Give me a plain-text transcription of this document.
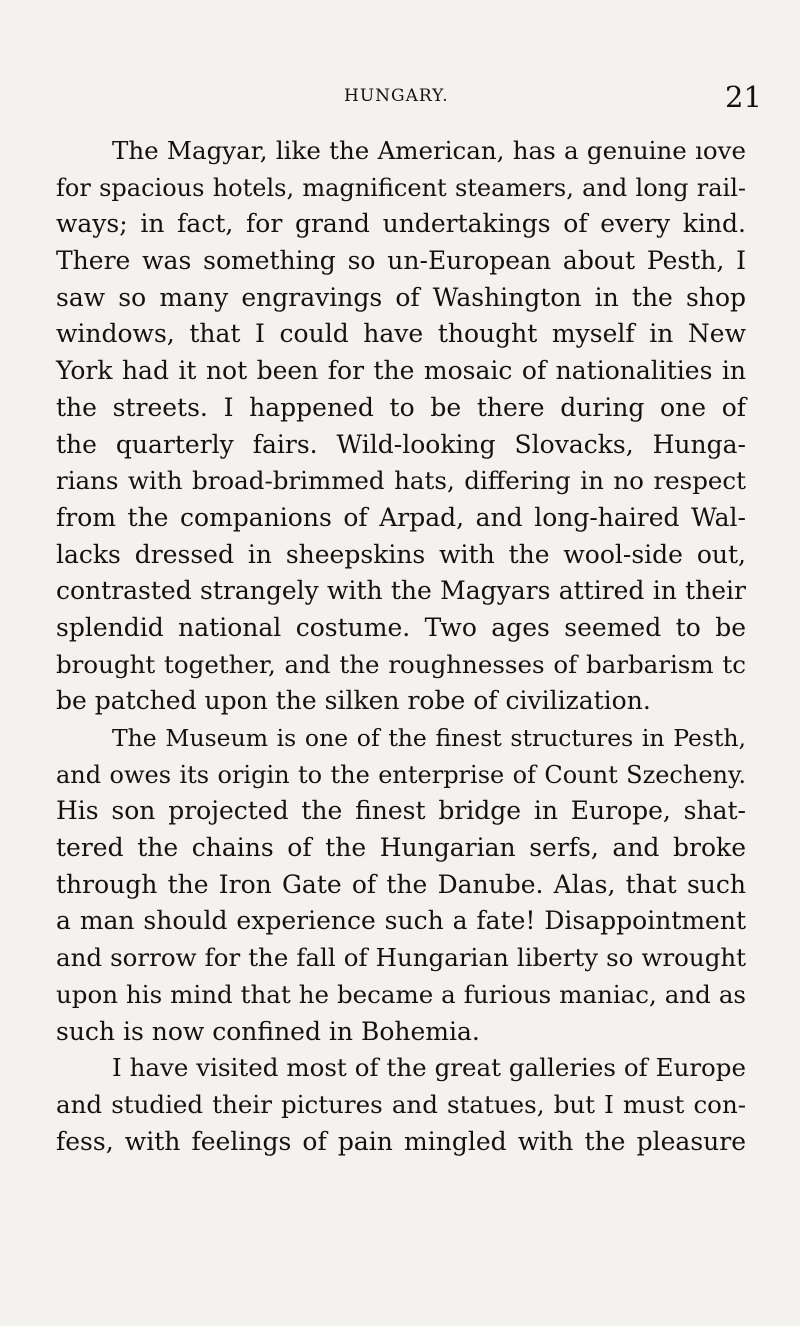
HUNGARY.	21
The Magyar, like the American, has a genuine ıove
for spacious hotels, magnificent steamers, and long rail-
ways; in fact, for grand undertakings of every kind.
There was something so un-European about Pesth, I
saw so many engravings of Washington in the shop
windows, that I could have thought myself in New
York had it not been for the mosaic of nationalities in
the streets. I happened to be there during one of
the quarterly fairs. Wild-looking Slovacks, Hunga-
rians with broad-brimmed hats, differing in no respect
from the companions of Arpad, and long-haired Wal-
lacks dressed in sheepskins with the wool-side out,
contrasted strangely with the Magyars attired in their
splendid national costume. Two ages seemed to be
brought together, and the roughnesses of barbarism tc
be patched upon the silken robe of civilization.
The Museum is one of the finest structures in Pesth,
and owes its origin to the enterprise of Count Szecheny.
His son projected the finest bridge in Europe, shat-
tered the chains of the Hungarian serfs, and broke
through the Iron Gate of the Danube. Alas, that such
a man should experience such a fate! Disappointment
and sorrow for the fall of Hungarian liberty so wrought
upon his mind that he became a furious maniac, and as
such is now confined in Bohemia.
I have visited most of the great galleries of Europe
and studied their pictures and statues, but I must con-
fess, with feelings of pain mingled with the pleasure
